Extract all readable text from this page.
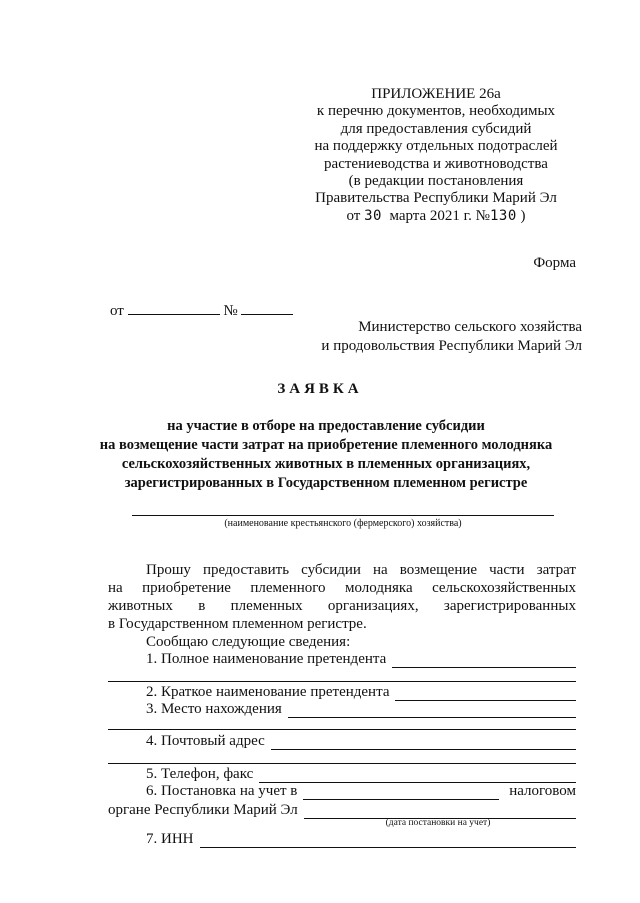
ПРИЛОЖЕНИЕ 26а
к перечню документов, необходимых
для предоставления субсидий
на поддержку отдельных подотраслей
растениеводства и животноводства
(в редакции постановления
Правительства Республики Марий Эл
от 30 марта 2021 г. №130 )
Форма
от	№
Министерство сельского хозяйства
и продовольствия Республики Марий Эл
ЗАЯВКА
на участие в отборе на предоставление субсидии
на возмещение части затрат на приобретение племенного молодняка
сельскохозяйственных животных в племенных организациях,
зарегистрированных в Государственном племенном регистре
(наименование крестьянского (фермерского) хозяйства)
Прошу предоставить субсидии на возмещение части затрат
на приобретение племенного молодняка сельскохозяйственных
животных в племенных организациях, зарегистрированных
в Государственном племенном регистре.
Сообщаю следующие сведения:
1. Полное наименование претендента
2. Краткое наименование претендента
3. Место нахождения
4. Почтовый адрес
5. Телефон, факс
6. Постановка на учет в	налоговом
органе Республики Марий Эл
(дата постановки на учет)
7. ИНН
